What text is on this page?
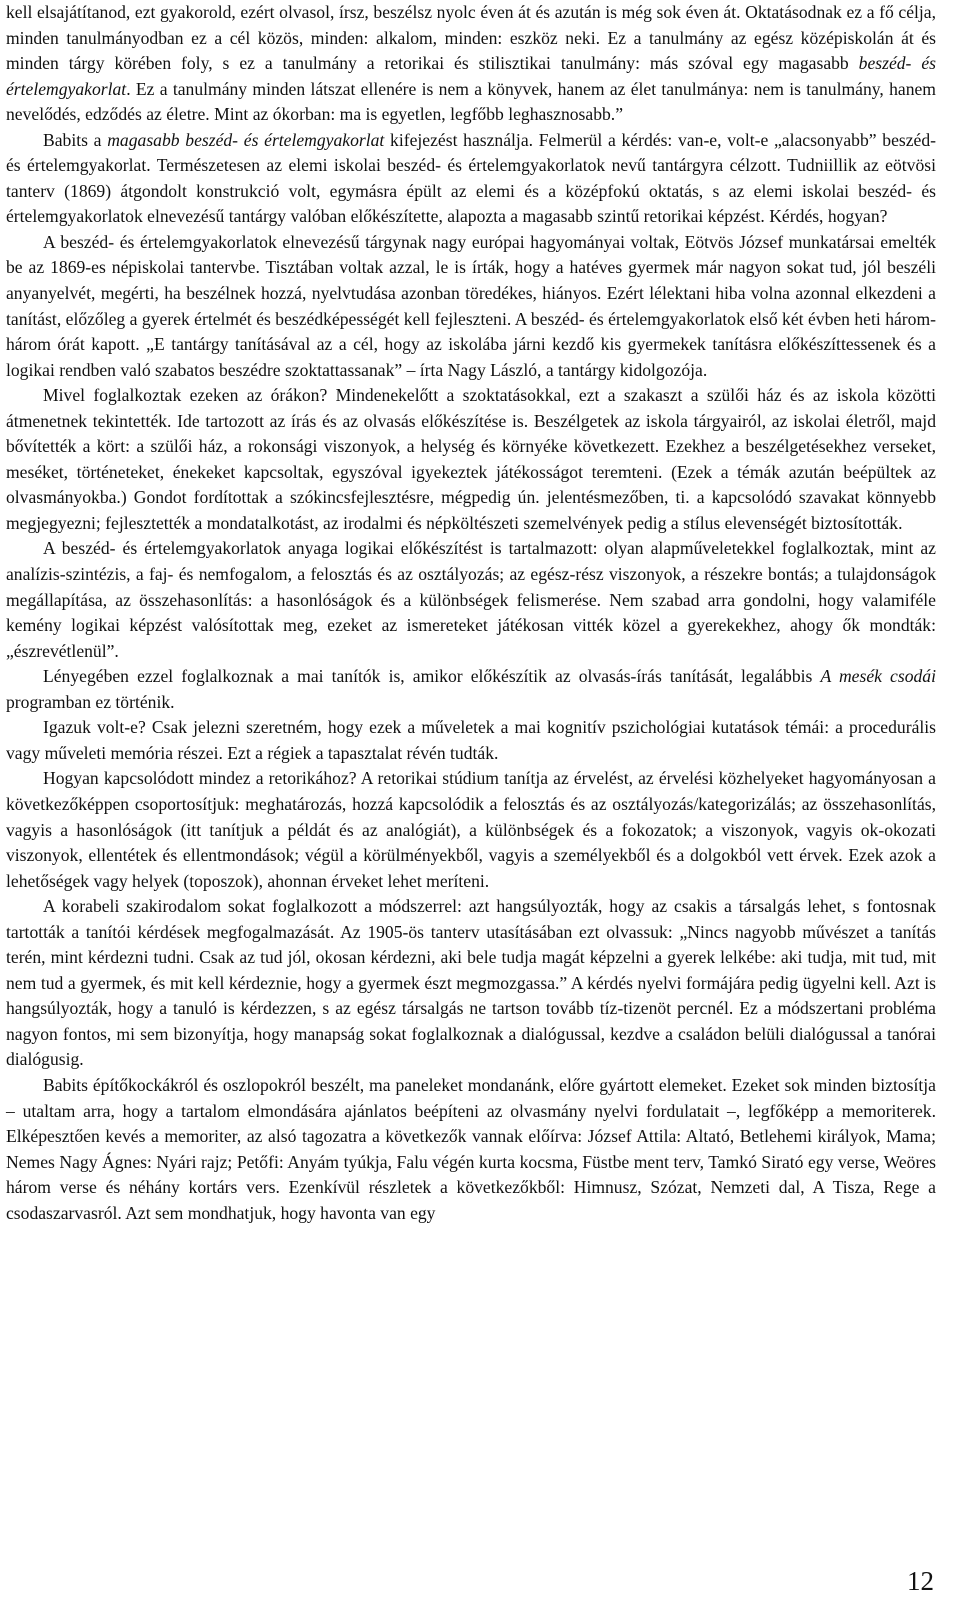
kell elsajátítanod, ezt gyakorold, ezért olvasol, írsz, beszélsz nyolc éven át és azután is még sok éven át. Oktatásodnak ez a fő célja, minden tanulmányodban ez a cél közös, minden: alkalom, minden: eszköz neki. Ez a tanulmány az egész középiskolán át és minden tárgy körében foly, s ez a tanulmány a retorikai és stilisztikai tanulmány: más szóval egy magasabb beszéd- és értelemgyakorlat. Ez a tanulmány minden látszat ellenére is nem a könyvek, hanem az élet tanulmánya: nem is tanulmány, hanem nevelődés, edződés az életre. Mint az ókorban: ma is egyetlen, legfőbb leghasznosabb.”

Babits a magasabb beszéd- és értelemgyakorlat kifejezést használja. Felmerül a kérdés: van-e, volt-e „alacsonyabb” beszéd- és értelemgyakorlat. Természetesen az elemi iskolai beszéd- és értelemgyakorlatok nevű tantárgyra célzott. Tudniillik az eötvösi tanterv (1869) átgondolt konstrukció volt, egymásra épült az elemi és a középfokú oktatás, s az elemi iskolai beszéd- és értelemgyakorlatok elnevezésű tantárgy valóban előkészítette, alapozta a magasabb szintű retorikai képzést. Kérdés, hogyan?

A beszéd- és értelemgyakorlatok elnevezésű tárgynak nagy európai hagyományai voltak, Eötvös József munkatársai emelték be az 1869-es népiskolai tantervbe. Tisztában voltak azzal, le is írták, hogy a hatéves gyermek már nagyon sokat tud, jól beszéli anyanyelvét, megérti, ha beszélnek hozzá, nyelvtudása azonban töredékes, hiányos. Ezért lélektani hiba volna azonnal elkezdeni a tanítást, előzőleg a gyerek értelmét és beszédképességét kell fejleszteni. A beszéd- és értelemgyakorlatok első két évben heti három-három órát kapott. „E tantárgy tanításával az a cél, hogy az iskolába járni kezdő kis gyermekek tanításra előkészíttessenek és a logikai rendben való szabatos beszédre szoktattassanak” – írta Nagy László, a tantárgy kidolgozója.

Mivel foglalkoztak ezeken az órákon? Mindenekelőtt a szoktatásokkal, ezt a szakaszt a szülői ház és az iskola közötti átmenetnek tekintették. Ide tartozott az írás és az olvasás előkészítése is. Beszélgetek az iskola tárgyairól, az iskolai életről, majd bővítették a kört: a szülői ház, a rokonsági viszonyok, a helység és környéke következett. Ezekhez a beszélgetésekhez verseket, meséket, történeteket, énekeket kapcsoltak, egyszóval igyekeztek játékosságot teremteni. (Ezek a témák azután beépültek az olvasmányokba.) Gondot fordítottak a szókincsfejlesztésre, mégpedig ún. jelentésmezőben, ti. a kapcsolódó szavakat könnyebb megjegyezni; fejlesztették a mondatalkotást, az irodalmi és népköltészeti szemelvények pedig a stílus elevenségét biztosították.

A beszéd- és értelemgyakorlatok anyaga logikai előkészítést is tartalmazott: olyan alapműveletekkel foglalkoztak, mint az analízis-szintézis, a faj- és nemfogalom, a felosztás és az osztályozás; az egész-rész viszonyok, a részekre bontás; a tulajdonságok megállapítása, az összehasonlítás: a hasonlóságok és a különbségek felismerése. Nem szabad arra gondolni, hogy valamiféle kemény logikai képzést valósítottak meg, ezeket az ismereteket játékosan vitték közel a gyerekekhez, ahogy ők mondták: „észrevétlenül”.

Lényegében ezzel foglalkoznak a mai tanítók is, amikor előkészítik az olvasás-írás tanítását, legalábbis A mesék csodái programban ez történik.

Igazuk volt-e? Csak jelezni szeretném, hogy ezek a műveletek a mai kognitív pszichológiai kutatások témái: a procedurális vagy műveleti memória részei. Ezt a régiek a tapasztalat révén tudták.

Hogyan kapcsolódott mindez a retorikához? A retorikai stúdium tanítja az érvelést, az érvelési közhelyeket hagyományosan a következőképpen csoportosítjuk: meghatározás, hozzá kapcsolódik a felosztás és az osztályozás/kategorizálás; az összehasonlítás, vagyis a hasonlóságok (itt tanítjuk a példát és az analógiát), a különbségek és a fokozatok; a viszonyok, vagyis ok-okozati viszonyok, ellentétek és ellentmondások; végül a körülményekből, vagyis a személyekből és a dolgokból vett érvek. Ezek azok a lehetőségek vagy helyek (toposzok), ahonnan érveket lehet meríteni.

A korabeli szakirodalom sokat foglalkozott a módszerrel: azt hangsúlyozták, hogy az csakis a társalgás lehet, s fontosnak tartották a tanítói kérdések megfogalmazását. Az 1905-ös tanterv utasításában ezt olvassuk: „Nincs nagyobb művészet a tanítás terén, mint kérdezni tudni. Csak az tud jól, okosan kérdezni, aki bele tudja magát képzelni a gyerek lelkébe: aki tudja, mit tud, mit nem tud a gyermek, és mit kell kérdeznie, hogy a gyermek észt megmozgassa.” A kérdés nyelvi formájára pedig ügyelni kell. Azt is hangsúlyozták, hogy a tanuló is kérdezzen, s az egész társalgás ne tartson tovább tíz-tizenöt percnél. Ez a módszertani probléma nagyon fontos, mi sem bizonyítja, hogy manapság sokat foglalkoznak a dialógussal, kezdve a családon belüli dialógussal a tanórai dialógusig.

Babits építőkockákról és oszlopokról beszélt, ma paneleket mondanánk, előre gyártott elemeket. Ezeket sok minden biztosítja – utaltam arra, hogy a tartalom elmondására ajánlatos beépíteni az olvasmány nyelvi fordulatait –, legfőképp a memoriterek. Elképesztően kevés a memoriter, az alsó tagozatra a következők vannak előírva: József Attila: Altató, Betlehemi királyok, Mama; Nemes Nagy Ágnes: Nyári rajz; Petőfi: Anyám tyúkja, Falu végén kurta kocsma, Füstbe ment terv, Tamkó Sirató egy verse, Weöres három verse és néhány kortárs vers. Ezenkívül részletek a következőkből: Himnusz, Szózat, Nemzeti dal, A Tisza, Rege a csodaszarvasról. Azt sem mondhatjuk, hogy havonta van egy

12
